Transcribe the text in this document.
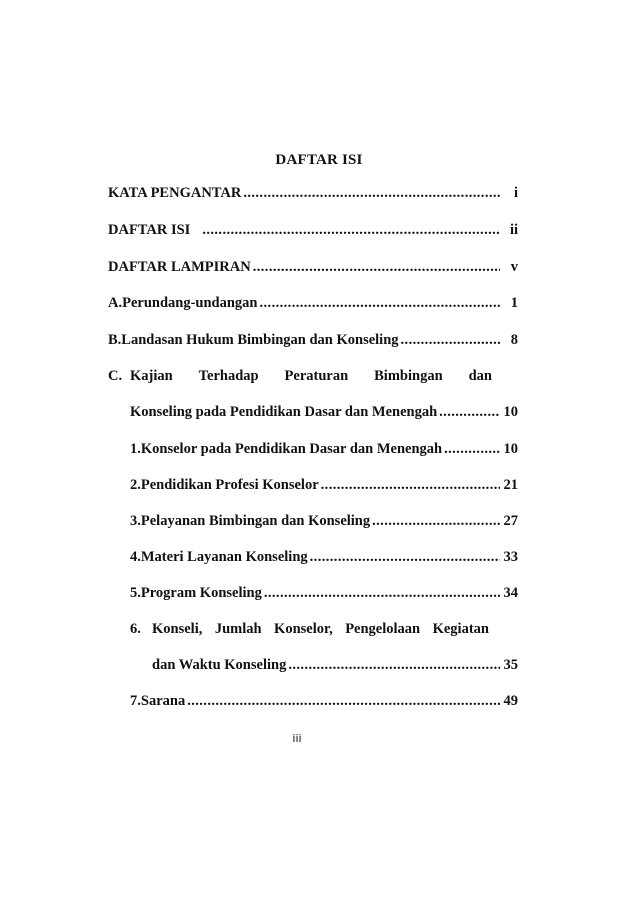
DAFTAR ISI
KATA PENGANTAR .....	i
DAFTAR ISI .....	ii
DAFTAR LAMPIRAN .....	v
A. Perundang-undangan .....	1
B. Landasan Hukum Bimbingan dan Konseling .....	8
C. Kajian Terhadap Peraturan Bimbingan dan
Konseling pada Pendidikan Dasar dan Menengah .....	10
1. Konselor pada Pendidikan Dasar dan Menengah .....	10
2. Pendidikan Profesi Konselor .....	21
3. Pelayanan Bimbingan dan Konseling .....	27
4. Materi Layanan Konseling .....	33
5. Program Konseling .....	34
6. Konseli, Jumlah Konselor, Pengelolaan Kegiatan
dan Waktu Konseling .....	35
7. Sarana .....	49
iii
